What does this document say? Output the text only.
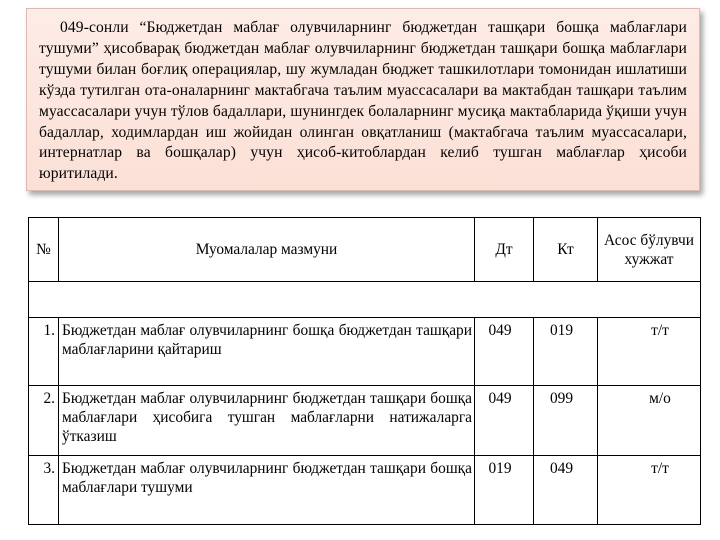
049-сонли “Бюджетдан маблағ олувчиларнинг бюджетдан ташқари бошқа маблағлари тушуми” ҳисобварақ бюджетдан маблағ олувчиларнинг бюджетдан ташқари бошқа маблағлари тушуми билан боғлиқ операциялар, шу жумладан бюджет ташкилотлари томонидан ишлатиши кўзда тутилган ота-оналарнинг мактабгача таълим муассасалари ва мактабдан ташқари таълим муассасалари учун тўлов бадаллари, шунингдек болаларнинг мусиқа мактабларида ўқиши учун бадаллар, ходимлардан иш жойидан олинган овқатланиш (мактабгача таълим муассасалари, интернатлар ва бошқалар) учун ҳисоб-китоблардан келиб тушган маблағлар ҳисоби юритилади.

№	Муомалалар мазмуни	Дт	Кт	Асос бўлувчи хужжат

1.	Бюджетдан маблағ олувчиларнинг бошқа бюджетдан ташқари маблағларини қайтариш	049	019	т/т
2.	Бюджетдан маблағ олувчиларнинг бюджетдан ташқари бошқа маблағлари ҳисобига тушган маблағларни натижаларга ўтказиш	049	099	м/о
3.	Бюджетдан маблағ олувчиларнинг бюджетдан ташқари бошқа маблағлари тушуми	019	049	т/т
